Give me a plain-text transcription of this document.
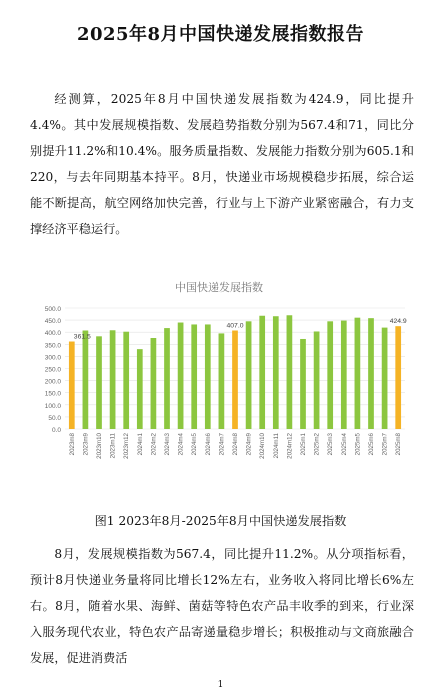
2025年8月中国快递发展指数报告

经测算，2025年8月中国快递发展指数为424.9，同比提升4.4%。其中发展规模指数、发展趋势指数分别为567.4和71，同比分别提升11.2%和10.4%。服务质量指数、发展能力指数分别为605.1和220，与去年同期基本持平。8月，快递业市场规模稳步拓展，综合运能不断提高，航空网络加快完善，行业与上下游产业紧密融合，有力支撑经济平稳运行。

中国快递发展指数
0.0
50.0
100.0
150.0
200.0
250.0
300.0
350.0
400.0
450.0
500.0
361.5
407.0
424.9
2023m8 2023m9 2023m10 2023m11 2023m12 2024m1 2024m2 2024m3 2024m4 2024m5 2024m6 2024m7 2024m8 2024m9 2024m10 2024m11 2024m12 2025m1 2025m2 2025m3 2025m4 2025m5 2025m6 2025m7 2025m8
图1 2023年8月-2025年8月中国快递发展指数

8月，发展规模指数为567.4，同比提升11.2%。从分项指标看，预计8月快递业务量将同比增长12%左右，业务收入将同比增长6%左右。8月，随着水果、海鲜、菌菇等特色农产品丰收季的到来，行业深入服务现代农业，特色农产品寄递量稳步增长；积极推动与文商旅融合发展，促进消费活

1
